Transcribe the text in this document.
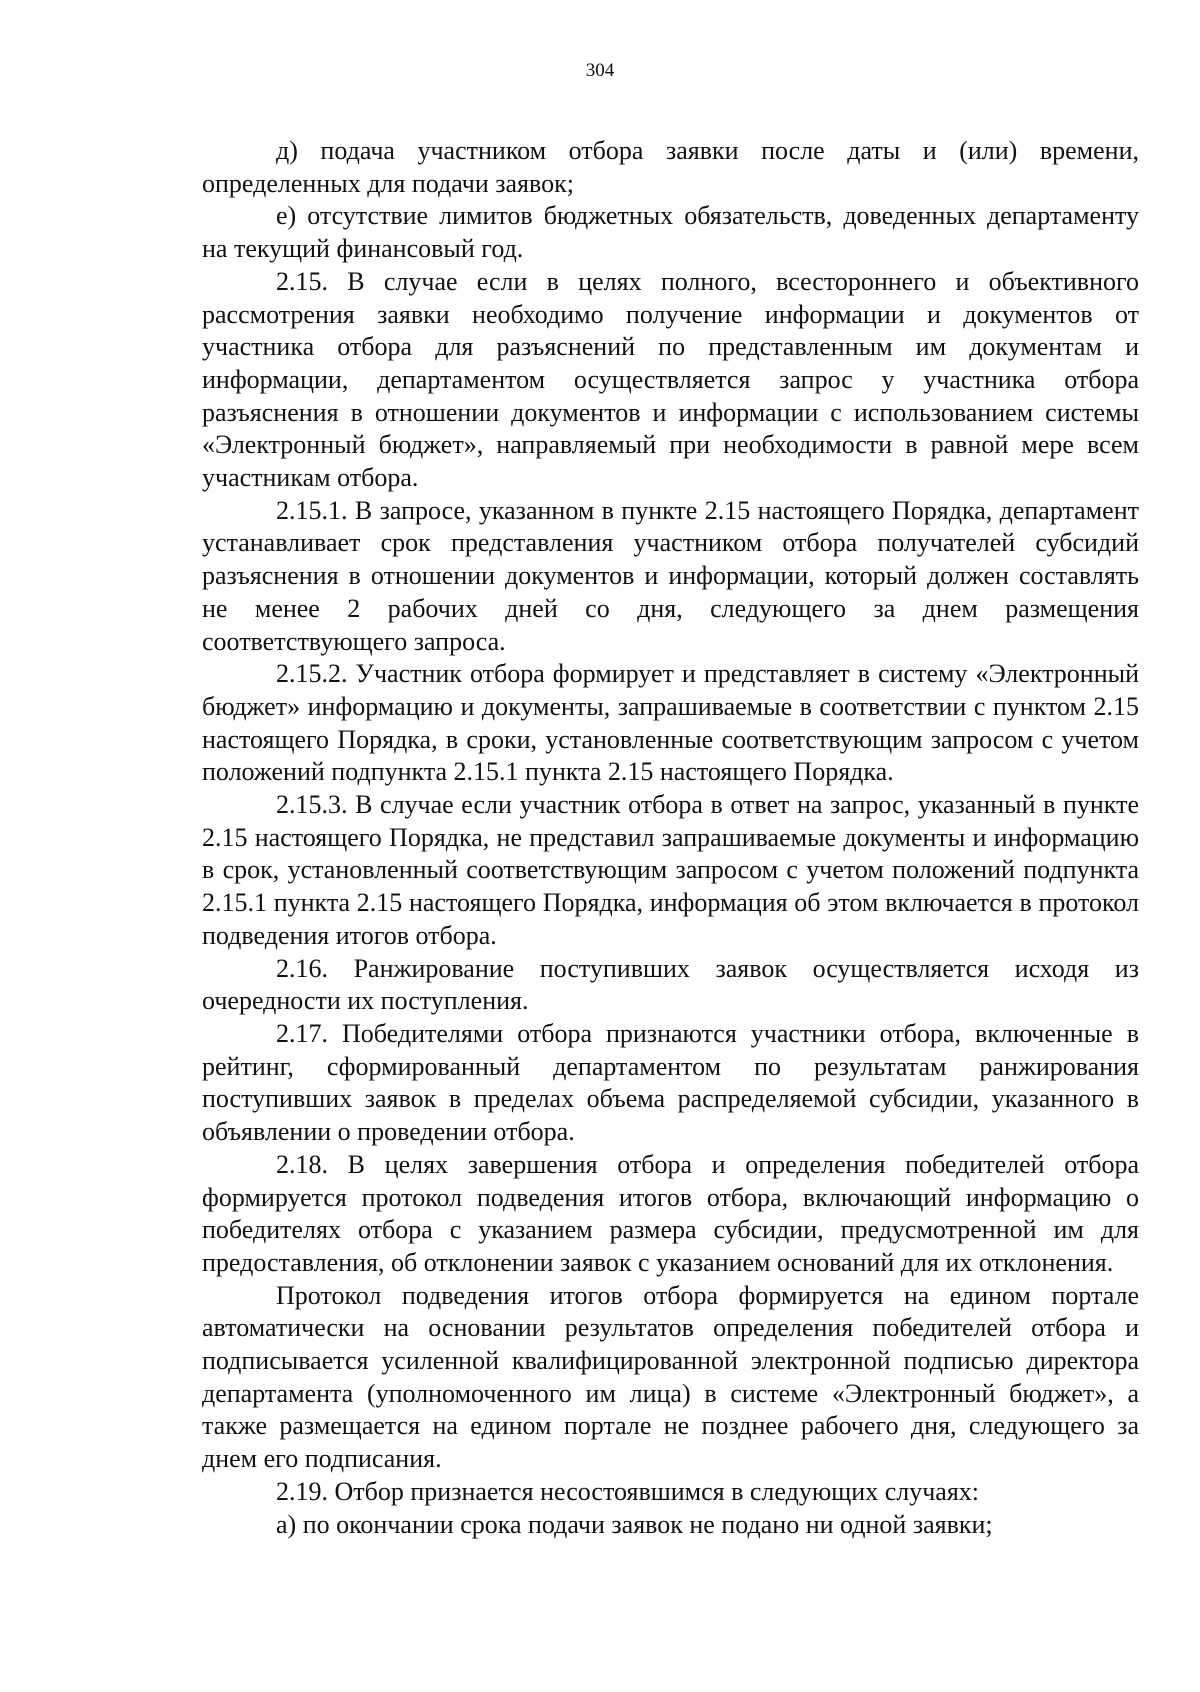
304

д) подача участником отбора заявки после даты и (или) времени, определенных для подачи заявок;

е) отсутствие лимитов бюджетных обязательств, доведенных департаменту на текущий финансовый год.

2.15. В случае если в целях полного, всестороннего и объективного рассмотрения заявки необходимо получение информации и документов от участника отбора для разъяснений по представленным им документам и информации, департаментом осуществляется запрос у участника отбора разъяснения в отношении документов и информации с использованием системы «Электронный бюджет», направляемый при необходимости в равной мере всем участникам отбора.

2.15.1. В запросе, указанном в пункте 2.15 настоящего Порядка, департамент устанавливает срок представления участником отбора получателей субсидий разъяснения в отношении документов и информации, который должен составлять не менее 2 рабочих дней со дня, следующего за днем размещения соответствующего запроса.

2.15.2. Участник отбора формирует и представляет в систему «Электронный бюджет» информацию и документы, запрашиваемые в соответствии с пунктом 2.15 настоящего Порядка, в сроки, установленные соответствующим запросом с учетом положений подпункта 2.15.1 пункта 2.15 настоящего Порядка.

2.15.3. В случае если участник отбора в ответ на запрос, указанный в пункте 2.15 настоящего Порядка, не представил запрашиваемые документы и информацию в срок, установленный соответствующим запросом с учетом положений подпункта 2.15.1 пункта 2.15 настоящего Порядка, информация об этом включается в протокол подведения итогов отбора.

2.16. Ранжирование поступивших заявок осуществляется исходя из очередности их поступления.

2.17. Победителями отбора признаются участники отбора, включенные в рейтинг, сформированный департаментом по результатам ранжирования поступивших заявок в пределах объема распределяемой субсидии, указанного в объявлении о проведении отбора.

2.18. В целях завершения отбора и определения победителей отбора формируется протокол подведения итогов отбора, включающий информацию о победителях отбора с указанием размера субсидии, предусмотренной им для предоставления, об отклонении заявок с указанием оснований для их отклонения.

Протокол подведения итогов отбора формируется на едином портале автоматически на основании результатов определения победителей отбора и подписывается усиленной квалифицированной электронной подписью директора департамента (уполномоченного им лица) в системе «Электронный бюджет», а также размещается на едином портале не позднее рабочего дня, следующего за днем его подписания.

2.19. Отбор признается несостоявшимся в следующих случаях:

а) по окончании срока подачи заявок не подано ни одной заявки;
